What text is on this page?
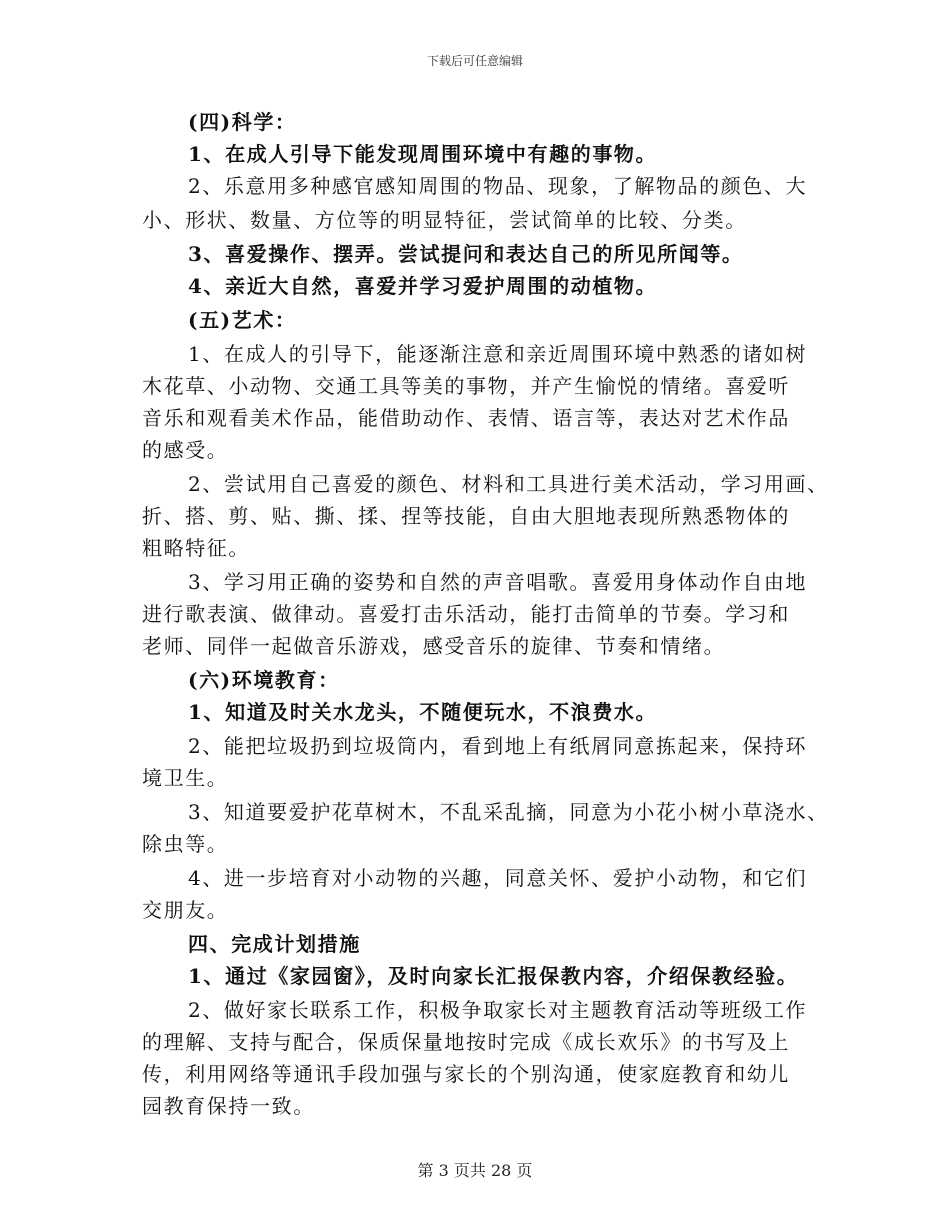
下载后可任意编辑
(四)科学：
1、在成人引导下能发现周围环境中有趣的事物。
2、乐意用多种感官感知周围的物品、现象，了解物品的颜色、大
小、形状、数量、方位等的明显特征，尝试简单的比较、分类。
3、喜爱操作、摆弄。尝试提问和表达自己的所见所闻等。
4、亲近大自然，喜爱并学习爱护周围的动植物。
(五)艺术：
1、在成人的引导下，能逐渐注意和亲近周围环境中熟悉的诸如树
木花草、小动物、交通工具等美的事物，并产生愉悦的情绪。喜爱听
音乐和观看美术作品，能借助动作、表情、语言等，表达对艺术作品
的感受。
2、尝试用自己喜爱的颜色、材料和工具进行美术活动，学习用画、
折、搭、剪、贴、撕、揉、捏等技能，自由大胆地表现所熟悉物体的
粗略特征。
3、学习用正确的姿势和自然的声音唱歌。喜爱用身体动作自由地
进行歌表演、做律动。喜爱打击乐活动，能打击简单的节奏。学习和
老师、同伴一起做音乐游戏，感受音乐的旋律、节奏和情绪。
(六)环境教育：
1、知道及时关水龙头，不随便玩水，不浪费水。
2、能把垃圾扔到垃圾筒内，看到地上有纸屑同意拣起来，保持环
境卫生。
3、知道要爱护花草树木，不乱采乱摘，同意为小花小树小草浇水、
除虫等。
4、进一步培育对小动物的兴趣，同意关怀、爱护小动物，和它们
交朋友。
四、完成计划措施
1、通过《家园窗》，及时向家长汇报保教内容，介绍保教经验。
2、做好家长联系工作，积极争取家长对主题教育活动等班级工作
的理解、支持与配合，保质保量地按时完成《成长欢乐》的书写及上
传，利用网络等通讯手段加强与家长的个别沟通，使家庭教育和幼儿
园教育保持一致。
第 3 页共 28 页
